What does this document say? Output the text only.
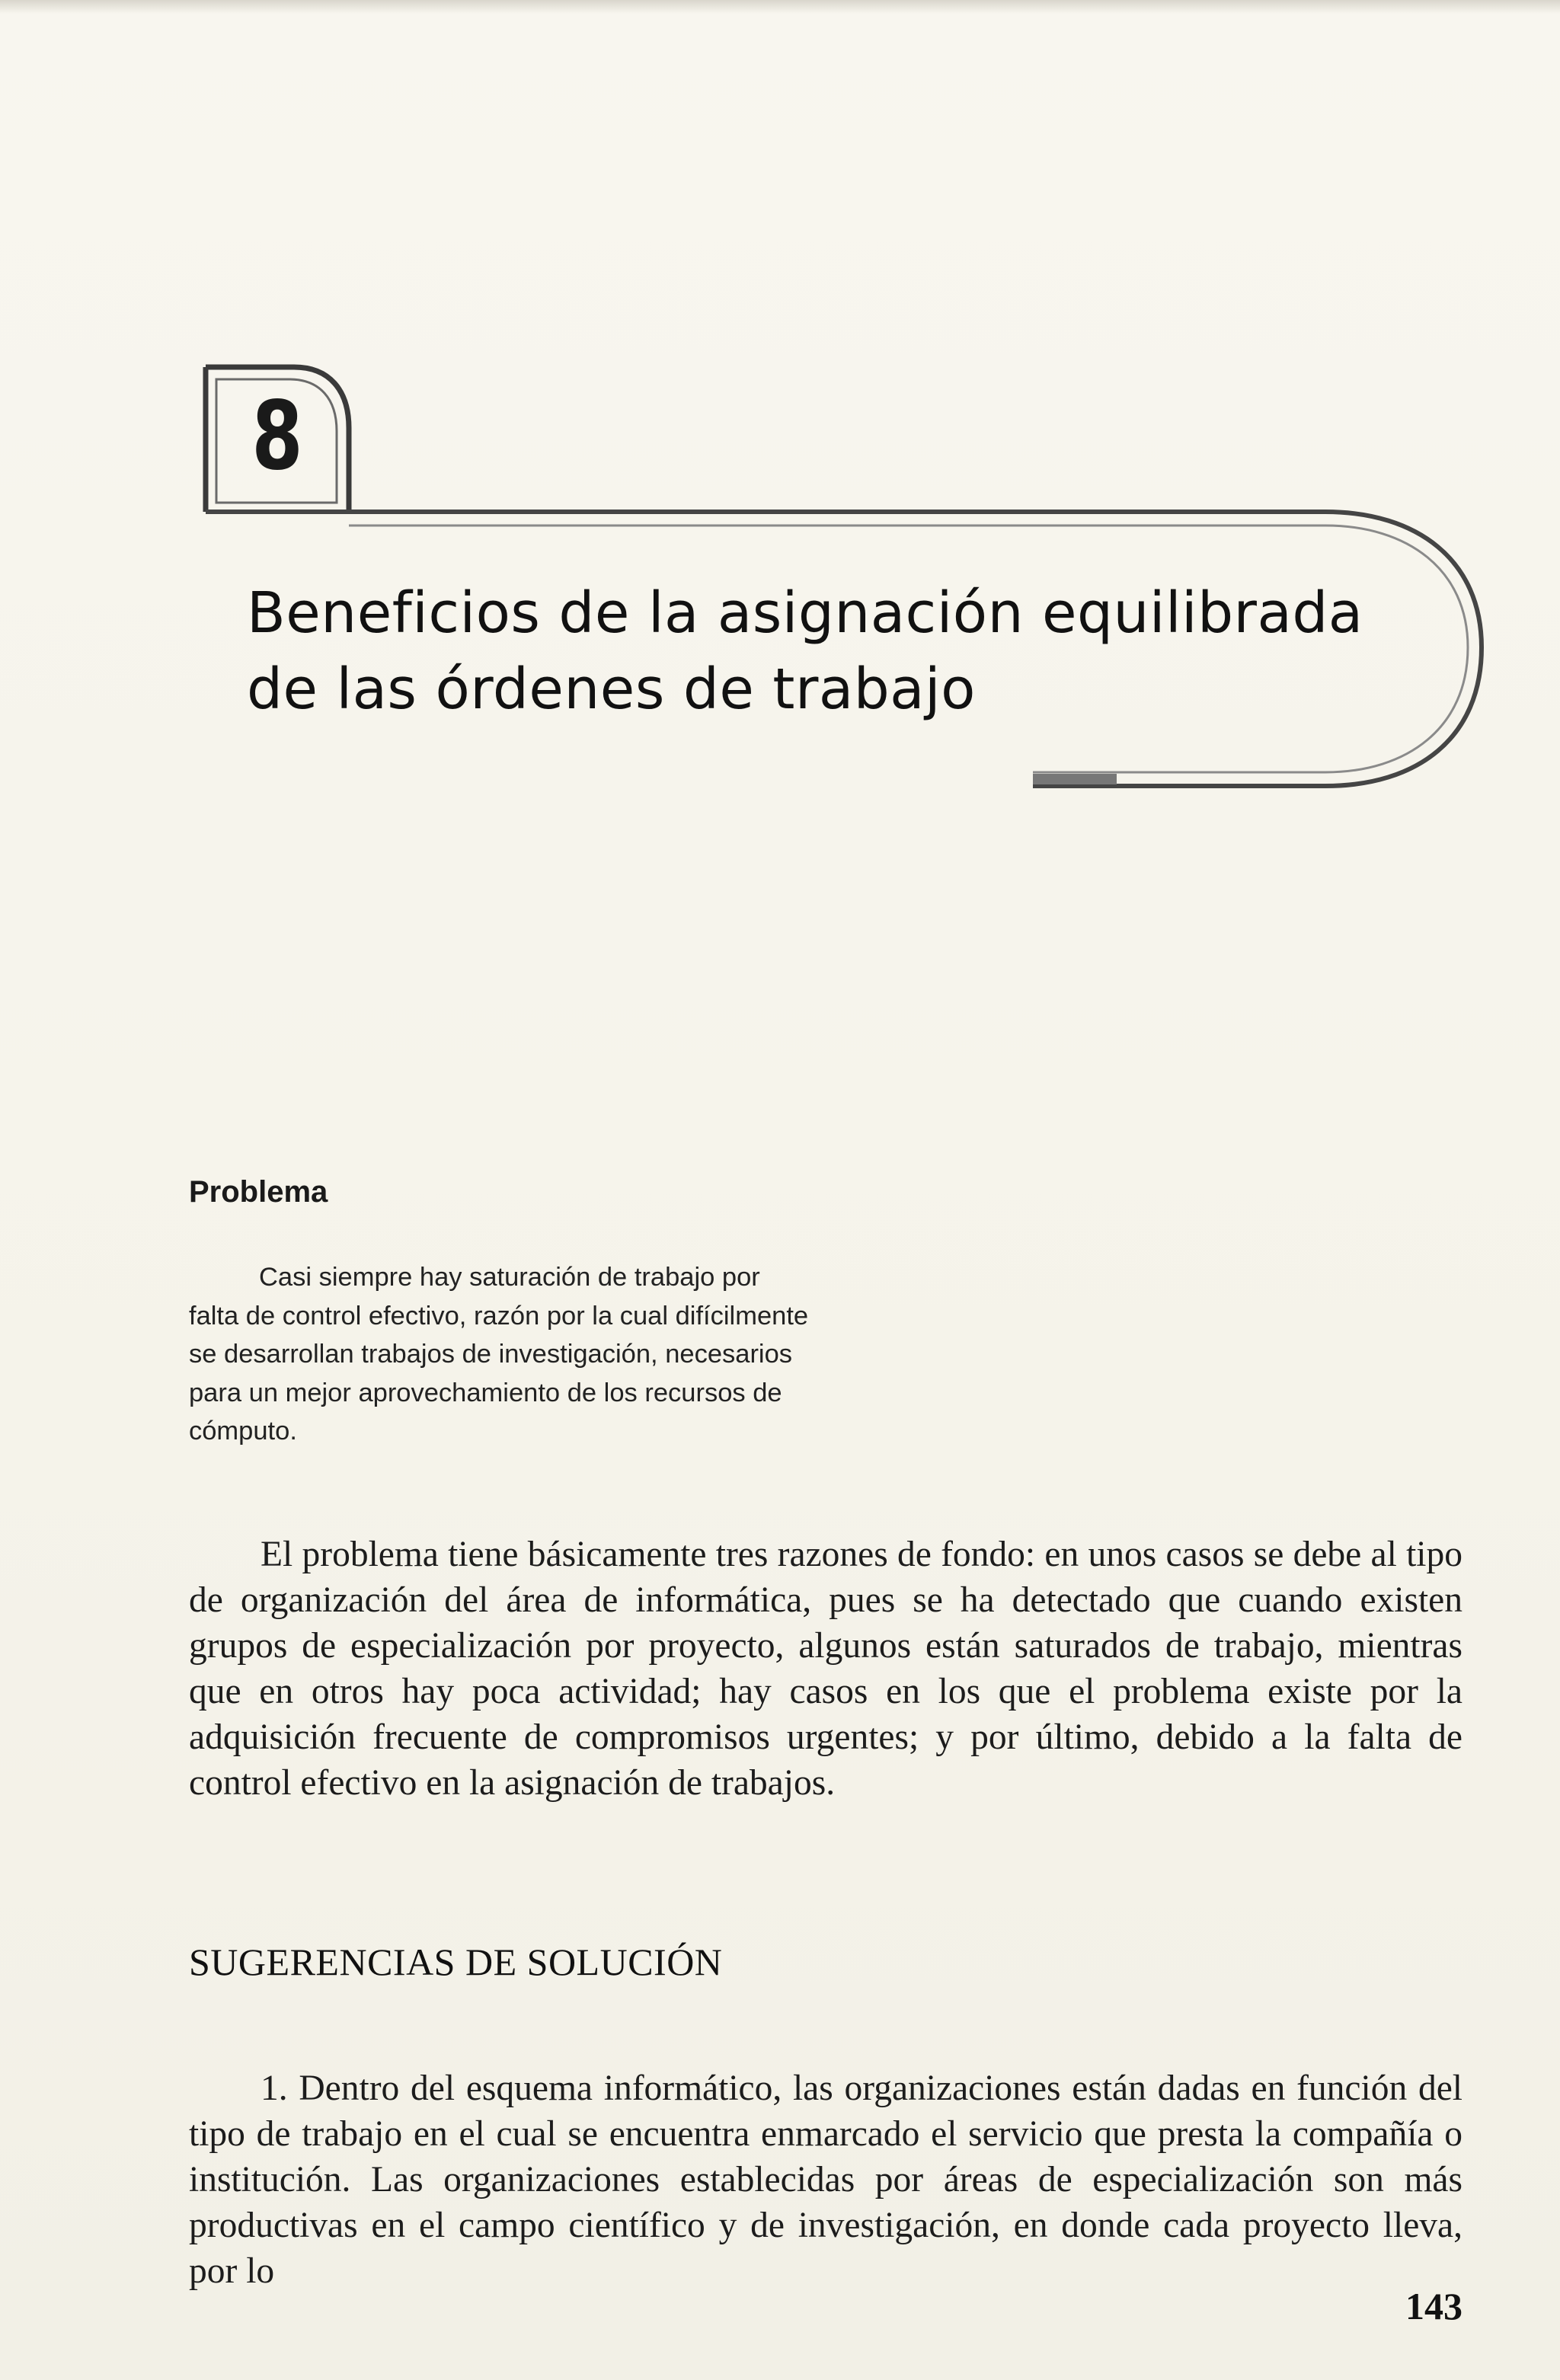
8
Beneficios de la asignación equilibrada de las órdenes de trabajo
Problema

Casi siempre hay saturación de trabajo por falta de control efectivo, razón por la cual difícilmente se desarrollan trabajos de investigación, necesarios para un mejor aprovechamiento de los recursos de cómputo.

El problema tiene básicamente tres razones de fondo: en unos casos se debe al tipo de organización del área de informática, pues se ha detectado que cuando existen grupos de especialización por proyecto, algunos están saturados de trabajo, mientras que en otros hay poca actividad; hay casos en los que el problema existe por la adquisición frecuente de compromisos urgentes; y por último, debido a la falta de control efectivo en la asignación de trabajos.

SUGERENCIAS DE SOLUCIÓN

1. Dentro del esquema informático, las organizaciones están dadas en función del tipo de trabajo en el cual se encuentra enmarcado el servicio que presta la compañía o institución. Las organizaciones establecidas por áreas de especialización son más productivas en el campo científico y de investigación, en donde cada proyecto lleva, por lo

143
